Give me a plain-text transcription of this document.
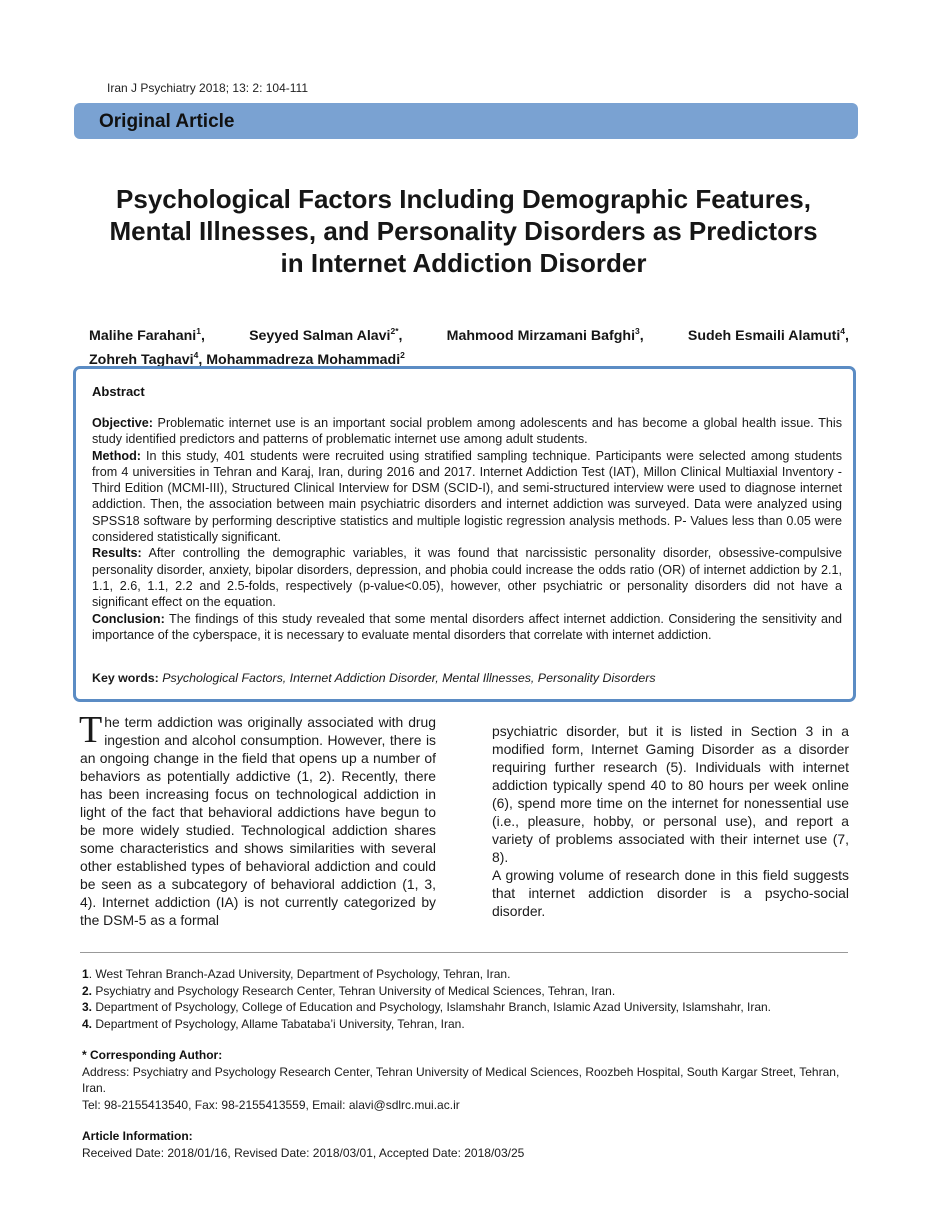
Iran J Psychiatry 2018; 13: 2: 104-111
Original Article
Psychological Factors Including Demographic Features,
Mental Illnesses, and Personality Disorders as Predictors
in Internet Addiction Disorder
Malihe Farahani$^1$,	Seyyed Salman Alavi$^{2*}$,	Mahmood Mirzamani Bafghi$^3$,	Sudeh Esmaili Alamuti$^4$,
Zohreh Taghavi$^4$, Mohammadreza Mohammadi$^2$
Abstract

Objective: Problematic internet use is an important social problem among adolescents and has become a global health issue. This study identified predictors and patterns of problematic internet use among adult students.

Method: In this study, 401 students were recruited using stratified sampling technique. Participants were selected among students from 4 universities in Tehran and Karaj, Iran, during 2016 and 2017. Internet Addiction Test (IAT), Millon Clinical Multiaxial Inventory - Third Edition (MCMI-III), Structured Clinical Interview for DSM (SCID-I), and semi-structured interview were used to diagnose internet addiction. Then, the association between main psychiatric disorders and internet addiction was surveyed. Data were analyzed using SPSS18 software by performing descriptive statistics and multiple logistic regression analysis methods. P- Values less than 0.05 were considered statistically significant.

Results: After controlling the demographic variables, it was found that narcissistic personality disorder, obsessive-compulsive personality disorder, anxiety, bipolar disorders, depression, and phobia could increase the odds ratio (OR) of internet addiction by 2.1, 1.1, 2.6, 1.1, 2.2 and 2.5-folds, respectively (p-value<0.05), however, other psychiatric or personality disorders did not have a significant effect on the equation.

Conclusion: The findings of this study revealed that some mental disorders affect internet addiction. Considering the sensitivity and importance of the cyberspace, it is necessary to evaluate mental disorders that correlate with internet addiction.

Key words: Psychological Factors, Internet Addiction Disorder, Mental Illnesses, Personality Disorders

The term addiction was originally associated with drug ingestion and alcohol consumption. However, there is an ongoing change in the field that opens up a number of behaviors as potentially addictive (1, 2). Recently, there has been increasing focus on technological addiction in light of the fact that behavioral addictions have begun to be more widely studied. Technological addiction shares some characteristics and shows similarities with several other established types of behavioral addiction and could be seen as a subcategory of behavioral addiction (1, 3, 4). Internet addiction (IA) is not currently categorized by the DSM-5 as a formal

psychiatric disorder, but it is listed in Section 3 in a modified form, Internet Gaming Disorder as a disorder requiring further research (5). Individuals with internet addiction typically spend 40 to 80 hours per week online (6), spend more time on the internet for nonessential use (i.e., pleasure, hobby, or personal use), and report a variety of problems associated with their internet use (7, 8).

A growing volume of research done in this field suggests that internet addiction disorder is a psycho-social disorder.

1. West Tehran Branch-Azad University, Department of Psychology, Tehran, Iran.
2. Psychiatry and Psychology Research Center, Tehran University of Medical Sciences, Tehran, Iran.
3. Department of Psychology, College of Education and Psychology, Islamshahr Branch, Islamic Azad University, Islamshahr, Iran.
4. Department of Psychology, Allame Tabataba’i University, Tehran, Iran.
* Corresponding Author:
Address: Psychiatry and Psychology Research Center, Tehran University of Medical Sciences, Roozbeh Hospital, South Kargar Street, Tehran, Iran.
Tel: 98-2155413540, Fax: 98-2155413559, Email: alavi@sdlrc.mui.ac.ir
Article Information:
Received Date: 2018/01/16, Revised Date: 2018/03/01, Accepted Date: 2018/03/25
